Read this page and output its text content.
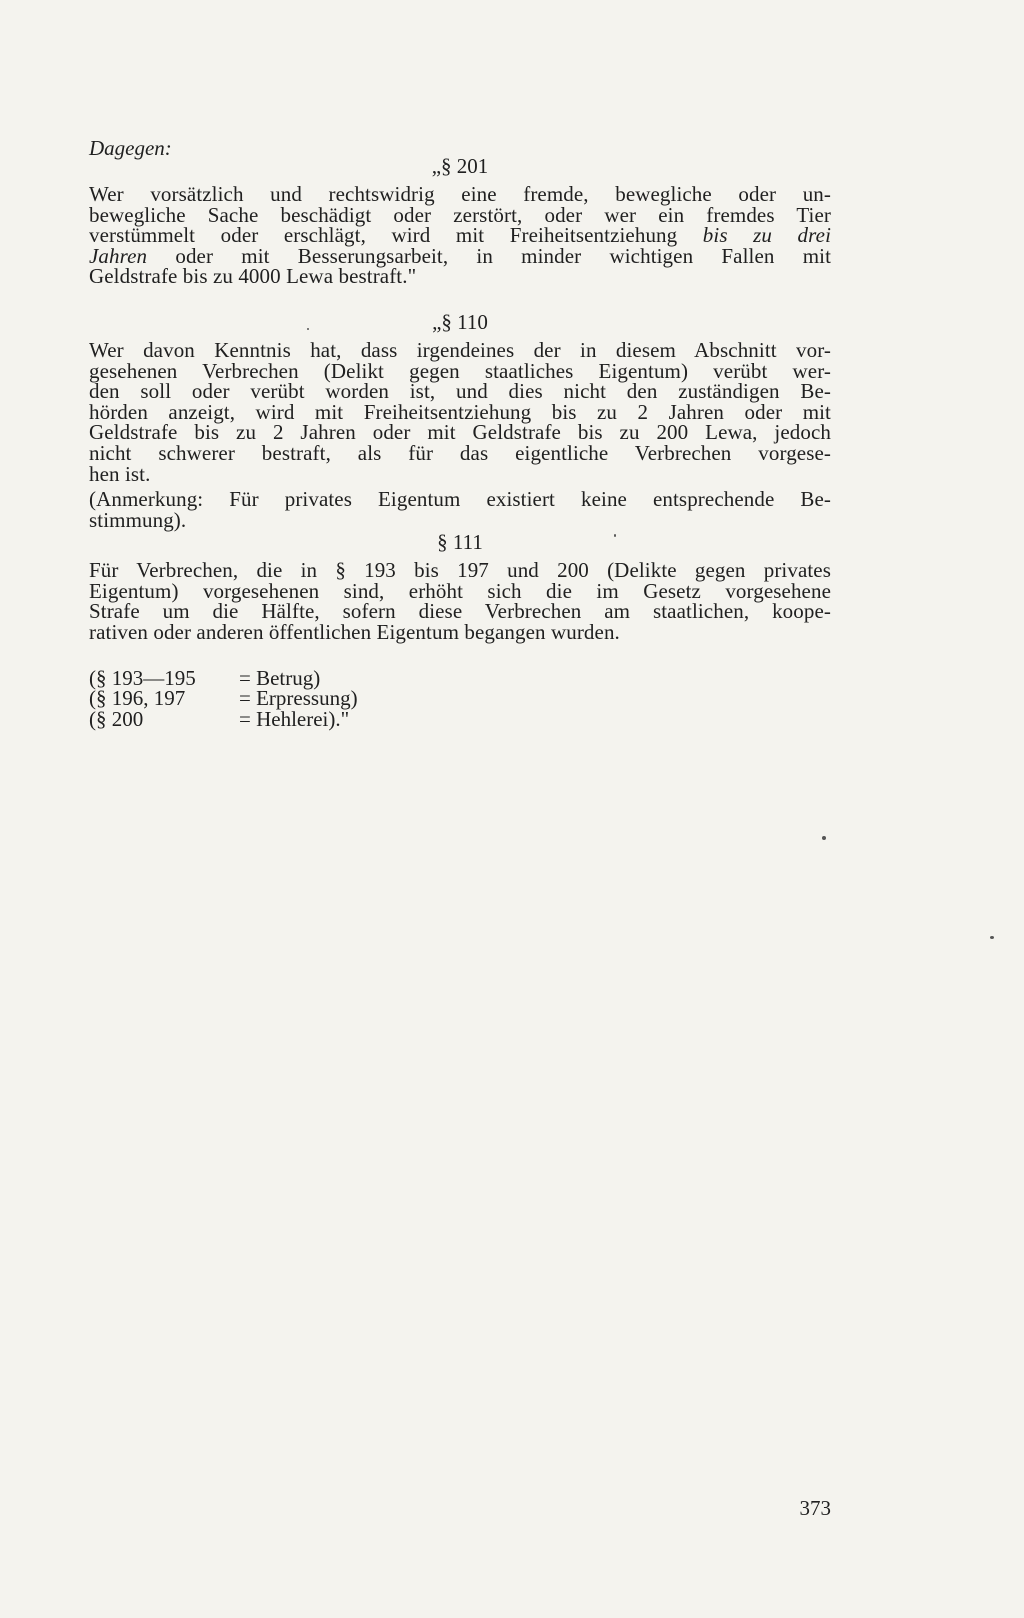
Dagegen:

„§ 201

Wer vorsätzlich und rechtswidrig eine fremde, bewegliche oder un-
bewegliche Sache beschädigt oder zerstört, oder wer ein fremdes Tier
verstümmelt oder erschlägt, wird mit Freiheitsentziehung bis zu drei
Jahren oder mit Besserungsarbeit, in minder wichtigen Fallen mit
Geldstrafe bis zu 4000 Lewa bestraft."

„§ 110

Wer davon Kenntnis hat, dass irgendeines der in diesem Abschnitt vor-
gesehenen Verbrechen (Delikt gegen staatliches Eigentum) verübt wer-
den soll oder verübt worden ist, und dies nicht den zuständigen Be-
hörden anzeigt, wird mit Freiheitsentziehung bis zu 2 Jahren oder mit
Geldstrafe bis zu 2 Jahren oder mit Geldstrafe bis zu 200 Lewa, jedoch
nicht schwerer bestraft, als für das eigentliche Verbrechen vorgese-
hen ist.
(Anmerkung: Für privates Eigentum existiert keine entsprechende Be-
stimmung).

§ 111

Für Verbrechen, die in § 193 bis 197 und 200 (Delikte gegen privates
Eigentum) vorgesehenen sind, erhöht sich die im Gesetz vorgesehene
Strafe um die Hälfte, sofern diese Verbrechen am staatlichen, koope-
rativen oder anderen öffentlichen Eigentum begangen wurden.
(§ 193—195	= Betrug)
(§ 196, 197	= Erpressung)
(§ 200	= Hehlerei)."

373
